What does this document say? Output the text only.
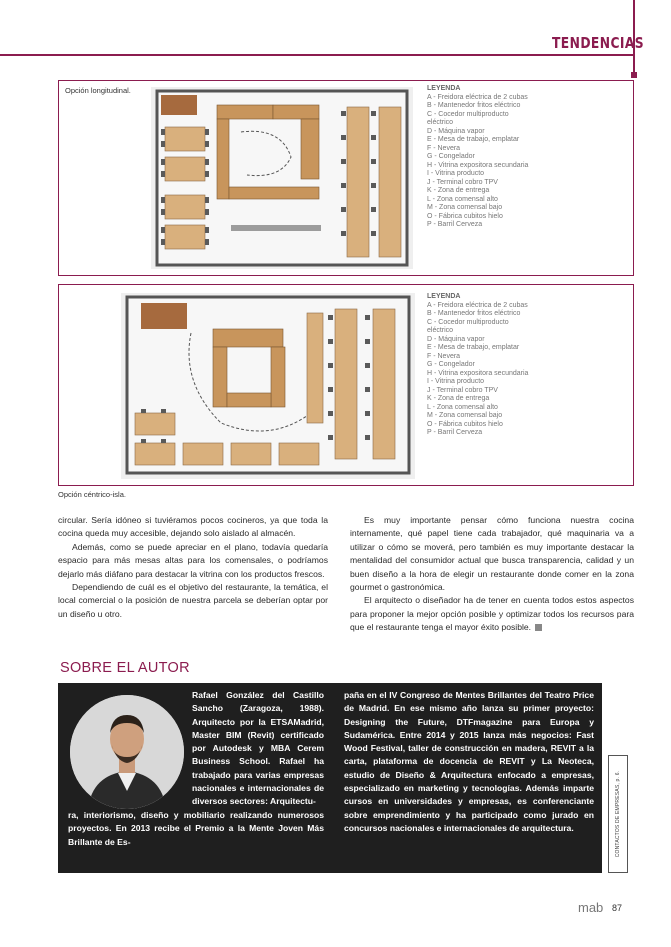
TENDENCIAS
Opción longitudinal.	LEYENDA
A - Freidora eléctrica de 2 cubas
B - Mantenedor fritos eléctrico
C - Cocedor multiproducto
eléctrico
D - Máquina vapor
E - Mesa de trabajo, emplatar
F - Nevera
G - Congelador
H - Vitrina expositora secundaria
I - Vitrina producto
J - Terminal cobro TPV
K - Zona de entrega
L - Zona comensal alto
M - Zona comensal bajo
O - Fábrica cubitos hielo
P - Barril Cerveza
LEYENDA
A - Freidora eléctrica de 2 cubas
B - Mantenedor fritos eléctrico
C - Cocedor multiproducto
eléctrico
D - Máquina vapor
E - Mesa de trabajo, emplatar
F - Nevera
G - Congelador
H - Vitrina expositora secundaria
I - Vitrina producto
J - Terminal cobro TPV
K - Zona de entrega
L - Zona comensal alto
M - Zona comensal bajo
O - Fábrica cubitos hielo
P - Barril Cerveza
Opción céntrico-isla.

circular. Sería idóneo si tuviéramos pocos cocineros, ya que toda la cocina queda muy accesible, dejando solo aislado al almacén.

Además, como se puede apreciar en el plano, todavía quedaría espacio para más mesas altas para los comensales, o podríamos dejarlo más diáfano para destacar la vitrina con los productos frescos.

Dependiendo de cuál es el objetivo del restaurante, la temática, el local comercial o la posición de nuestra parcela se deberían optar por un diseño u otro.

Es muy importante pensar cómo funciona nuestra cocina internamente, qué papel tiene cada trabajador, qué maquinaria va a utilizar o cómo se moverá, pero también es muy importante destacar la mentalidad del consumidor actual que busca transparencia, calidad y un buen diseño a la hora de elegir un restaurante donde comer en la zona gourmet o gastronómica.

El arquitecto o diseñador ha de tener en cuenta todos estos aspectos para proponer la mejor opción posible y optimizar todos los recursos para que el restaurante tenga el mayor éxito posible.

SOBRE EL AUTOR
Rafael González del Castillo Sancho (Zaragoza, 1988). Arquitecto por la ETSAMadrid, Master BIM (Revit) certificado por Autodesk y MBA Cerem Business School. Rafael ha trabajado para varias empresas nacionales e internacionales de diversos sectores: Arquitectu-
ra, interiorismo, diseño y mobiliario realizando numerosos proyectos. En 2013 recibe el Premio a la Mente Joven Más Brillante de Es-
paña en el IV Congreso de Mentes Brillantes del Teatro Price de Madrid. En ese mismo año lanza su primer proyecto: Designing the Future, DTFmagazine para Europa y Sudamérica. Entre 2014 y 2015 lanza más negocios: Fast Wood Festival, taller de construcción en madera, REVIT a la carta, plataforma de docencia de REVIT y La Neoteca, estudio de Diseño & Arquitectura enfocado a empresas, especializado en marketing y tecnologías. Además imparte cursos en universidades y empresas, es conferenciante sobre emprendimiento y ha participado como jurado en concursos nacionales e internacionales de arquitectura.	CONTACTOS DE EMPRESAS, p. 6.
mab 87
